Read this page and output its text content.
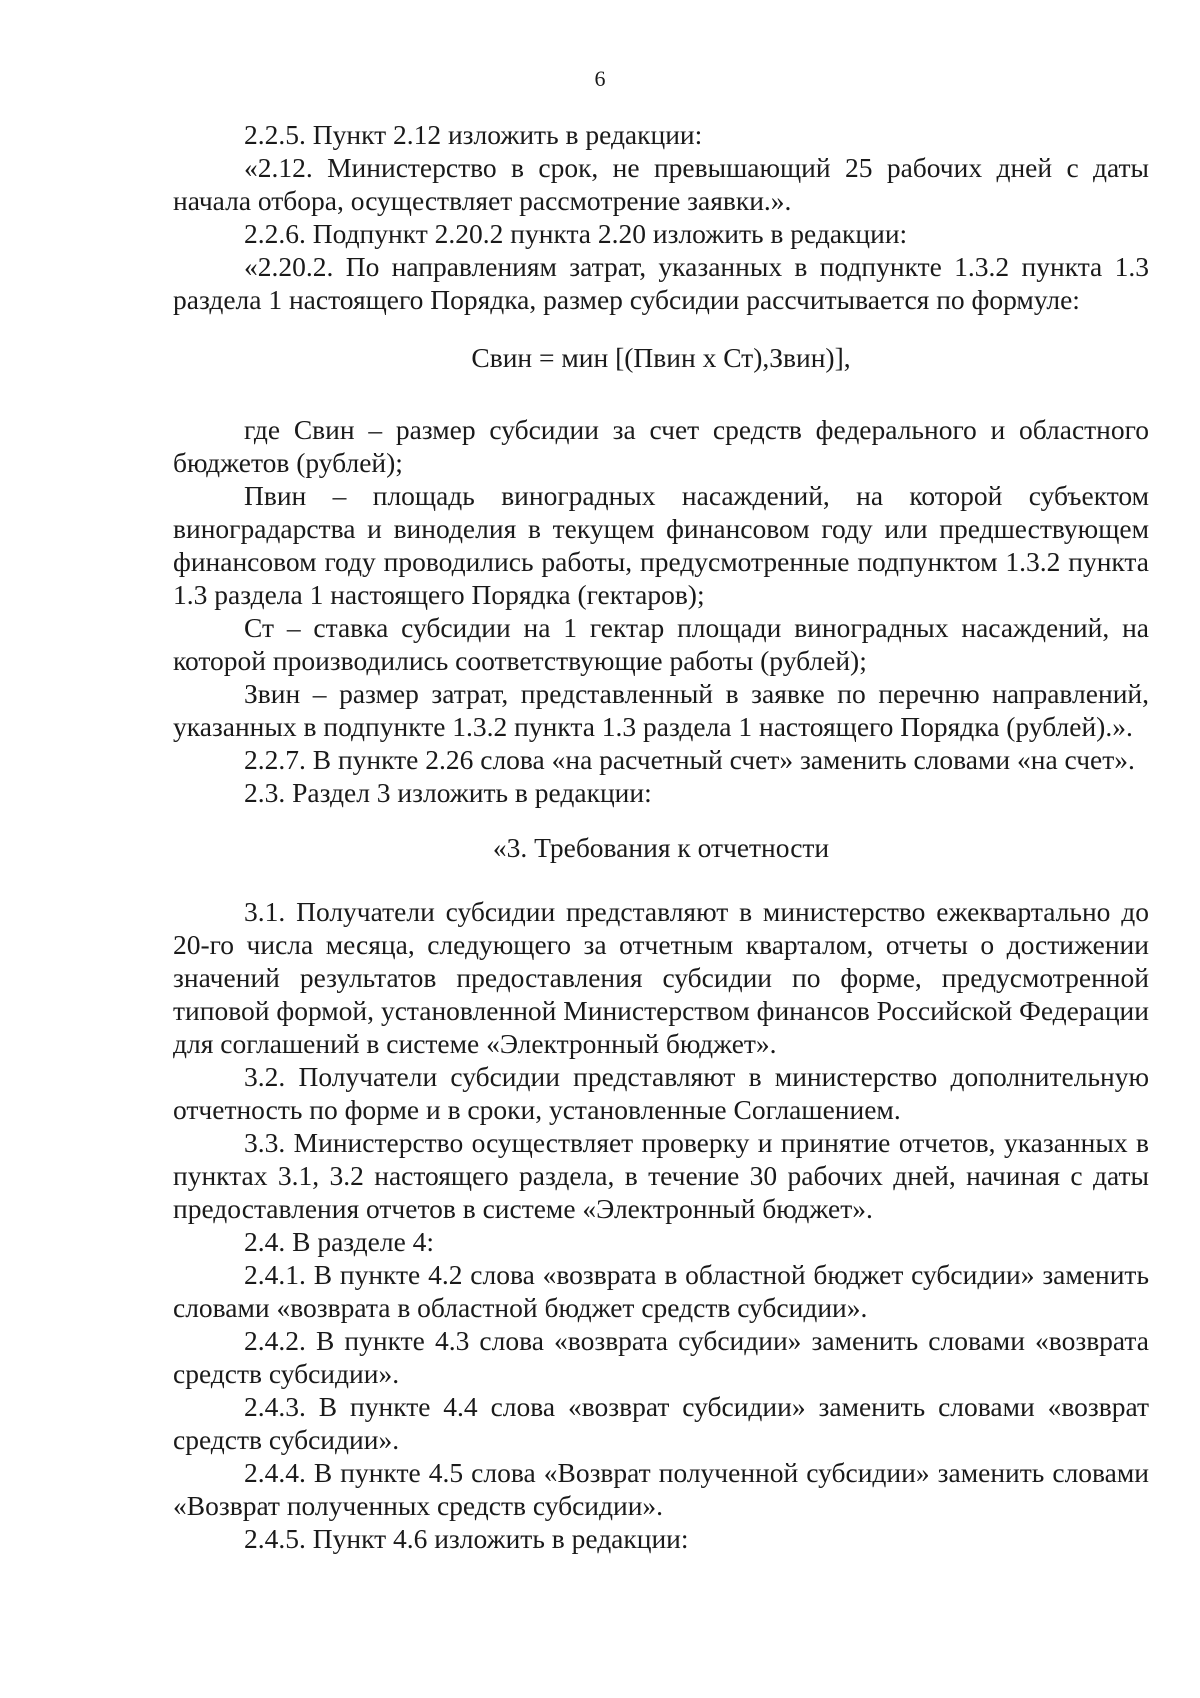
6

2.2.5. Пункт 2.12 изложить в редакции:

«2.12. Министерство в срок, не превышающий 25 рабочих дней с даты начала отбора, осуществляет рассмотрение заявки.».

2.2.6. Подпункт 2.20.2 пункта 2.20 изложить в редакции:

«2.20.2. По направлениям затрат, указанных в подпункте 1.3.2 пункта 1.3 раздела 1 настоящего Порядка, размер субсидии рассчитывается по формуле:

Свин = мин [(Пвин х Ст),Звин)],

где Свин – размер субсидии за счет средств федерального и областного бюджетов (рублей);

Пвин – площадь виноградных насаждений, на которой субъектом виноградарства и виноделия в текущем финансовом году или предшествующем финансовом году проводились работы, предусмотренные подпунктом 1.3.2 пункта 1.3 раздела 1 настоящего Порядка (гектаров);

Ст – ставка субсидии на 1 гектар площади виноградных насаждений, на которой производились соответствующие работы (рублей);

Звин – размер затрат, представленный в заявке по перечню направлений, указанных в подпункте 1.3.2 пункта 1.3 раздела 1 настоящего Порядка (рублей).».

2.2.7. В пункте 2.26 слова «на расчетный счет» заменить словами «на счет».

2.3. Раздел 3 изложить в редакции:

«3. Требования к отчетности

3.1. Получатели субсидии представляют в министерство ежеквартально до 20-го числа месяца, следующего за отчетным кварталом, отчеты о достижении значений результатов предоставления субсидии по форме, предусмотренной типовой формой, установленной Министерством финансов Российской Федерации для соглашений в системе «Электронный бюджет».

3.2. Получатели субсидии представляют в министерство дополнительную отчетность по форме и в сроки, установленные Соглашением.

3.3. Министерство осуществляет проверку и принятие отчетов, указанных в пунктах 3.1, 3.2 настоящего раздела, в течение 30 рабочих дней, начиная с даты предоставления отчетов в системе «Электронный бюджет».

2.4. В разделе 4:

2.4.1. В пункте 4.2 слова «возврата в областной бюджет субсидии» заменить словами «возврата в областной бюджет средств субсидии».

2.4.2. В пункте 4.3 слова «возврата субсидии» заменить словами «возврата средств субсидии».

2.4.3. В пункте 4.4 слова «возврат субсидии» заменить словами «возврат средств субсидии».

2.4.4. В пункте 4.5 слова «Возврат полученной субсидии» заменить словами «Возврат полученных средств субсидии».

2.4.5. Пункт 4.6 изложить в редакции:
